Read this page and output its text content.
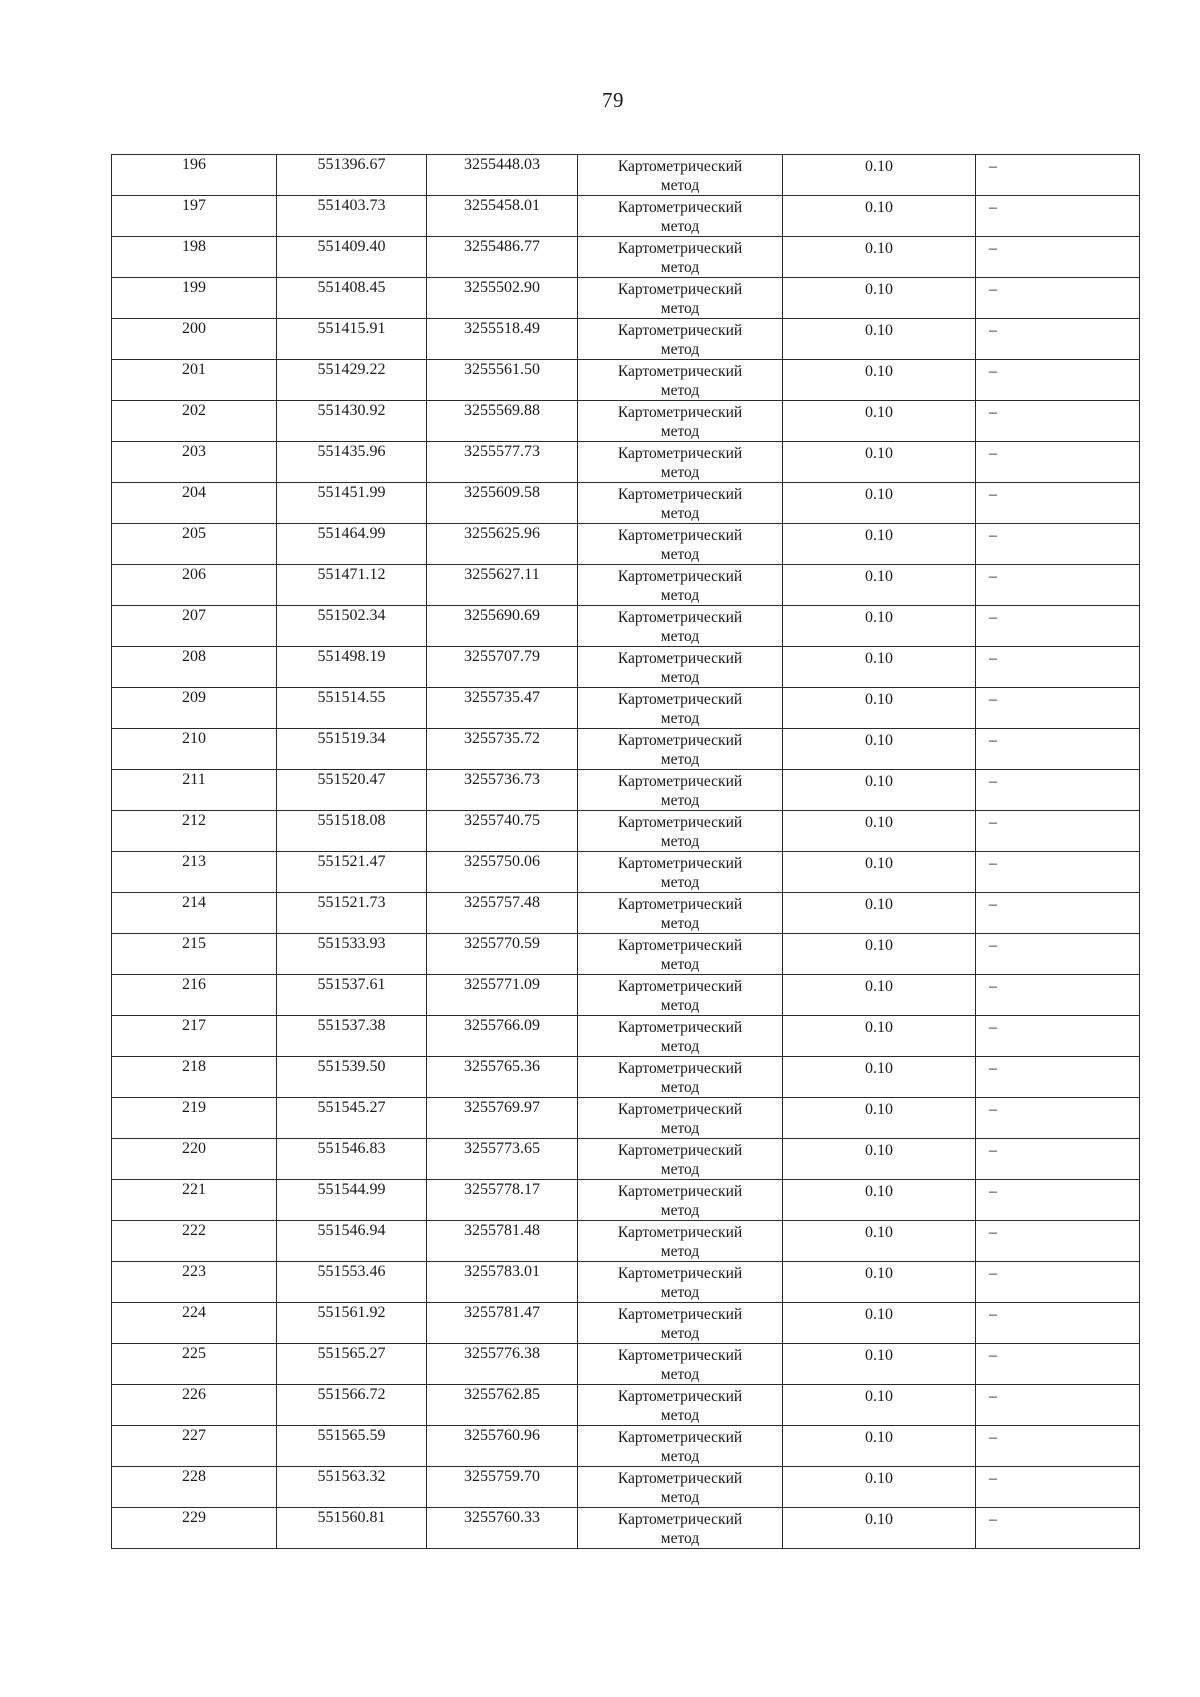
79
196	551396.67	3255448.03	Картометрический
метод	0.10	–
197	551403.73	3255458.01	Картометрический
метод	0.10	–
198	551409.40	3255486.77	Картометрический
метод	0.10	–
199	551408.45	3255502.90	Картометрический
метод	0.10	–
200	551415.91	3255518.49	Картометрический
метод	0.10	–
201	551429.22	3255561.50	Картометрический
метод	0.10	–
202	551430.92	3255569.88	Картометрический
метод	0.10	–
203	551435.96	3255577.73	Картометрический
метод	0.10	–
204	551451.99	3255609.58	Картометрический
метод	0.10	–
205	551464.99	3255625.96	Картометрический
метод	0.10	–
206	551471.12	3255627.11	Картометрический
метод	0.10	–
207	551502.34	3255690.69	Картометрический
метод	0.10	–
208	551498.19	3255707.79	Картометрический
метод	0.10	–
209	551514.55	3255735.47	Картометрический
метод	0.10	–
210	551519.34	3255735.72	Картометрический
метод	0.10	–
211	551520.47	3255736.73	Картометрический
метод	0.10	–
212	551518.08	3255740.75	Картометрический
метод	0.10	–
213	551521.47	3255750.06	Картометрический
метод	0.10	–
214	551521.73	3255757.48	Картометрический
метод	0.10	–
215	551533.93	3255770.59	Картометрический
метод	0.10	–
216	551537.61	3255771.09	Картометрический
метод	0.10	–
217	551537.38	3255766.09	Картометрический
метод	0.10	–
218	551539.50	3255765.36	Картометрический
метод	0.10	–
219	551545.27	3255769.97	Картометрический
метод	0.10	–
220	551546.83	3255773.65	Картометрический
метод	0.10	–
221	551544.99	3255778.17	Картометрический
метод	0.10	–
222	551546.94	3255781.48	Картометрический
метод	0.10	–
223	551553.46	3255783.01	Картометрический
метод	0.10	–
224	551561.92	3255781.47	Картометрический
метод	0.10	–
225	551565.27	3255776.38	Картометрический
метод	0.10	–
226	551566.72	3255762.85	Картометрический
метод	0.10	–
227	551565.59	3255760.96	Картометрический
метод	0.10	–
228	551563.32	3255759.70	Картометрический
метод	0.10	–
229	551560.81	3255760.33	Картометрический
метод	0.10	–
